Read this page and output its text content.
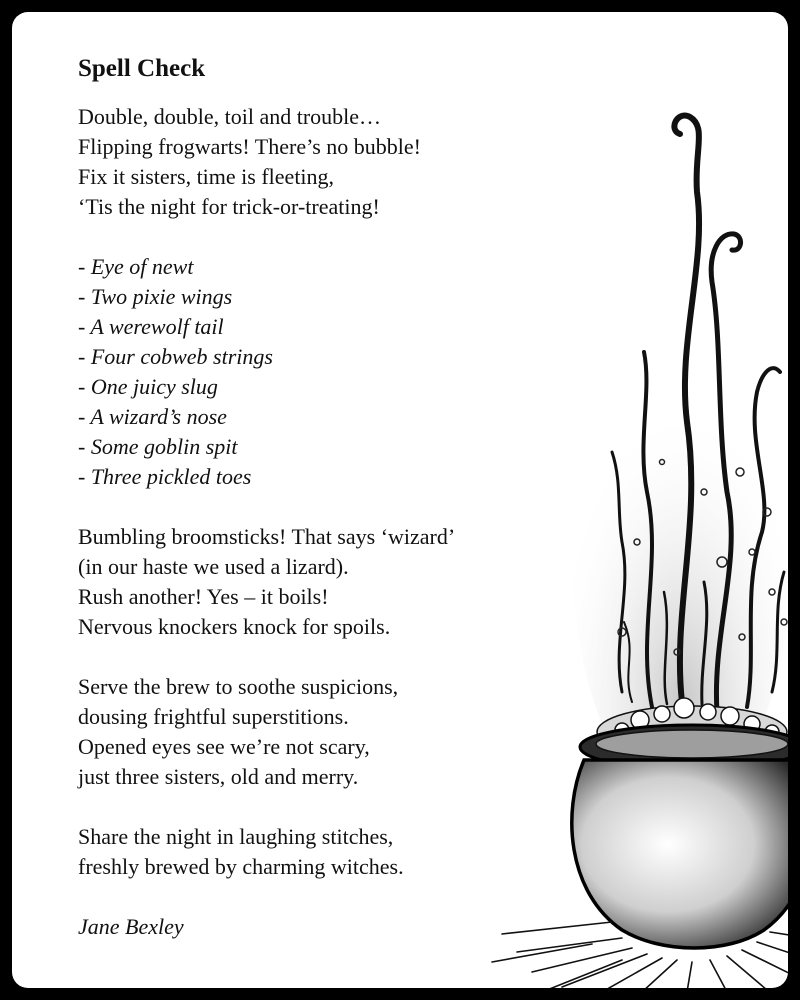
Spell Check
Double, double, toil and trouble…
Flipping frogwarts! There’s no bubble!
Fix it sisters, time is fleeting,
‘Tis the night for trick-or-treating!
- Eye of newt
- Two pixie wings
- A werewolf tail
- Four cobweb strings
- One juicy slug
- A wizard’s nose
- Some goblin spit
- Three pickled toes
Bumbling broomsticks! That says ‘wizard’
(in our haste we used a lizard).
Rush another! Yes – it boils!
Nervous knockers knock for spoils.
Serve the brew to soothe suspicions,
dousing frightful superstitions.
Opened eyes see we’re not scary,
just three sisters, old and merry.
Share the night in laughing stitches,
freshly brewed by charming witches.
Jane Bexley
